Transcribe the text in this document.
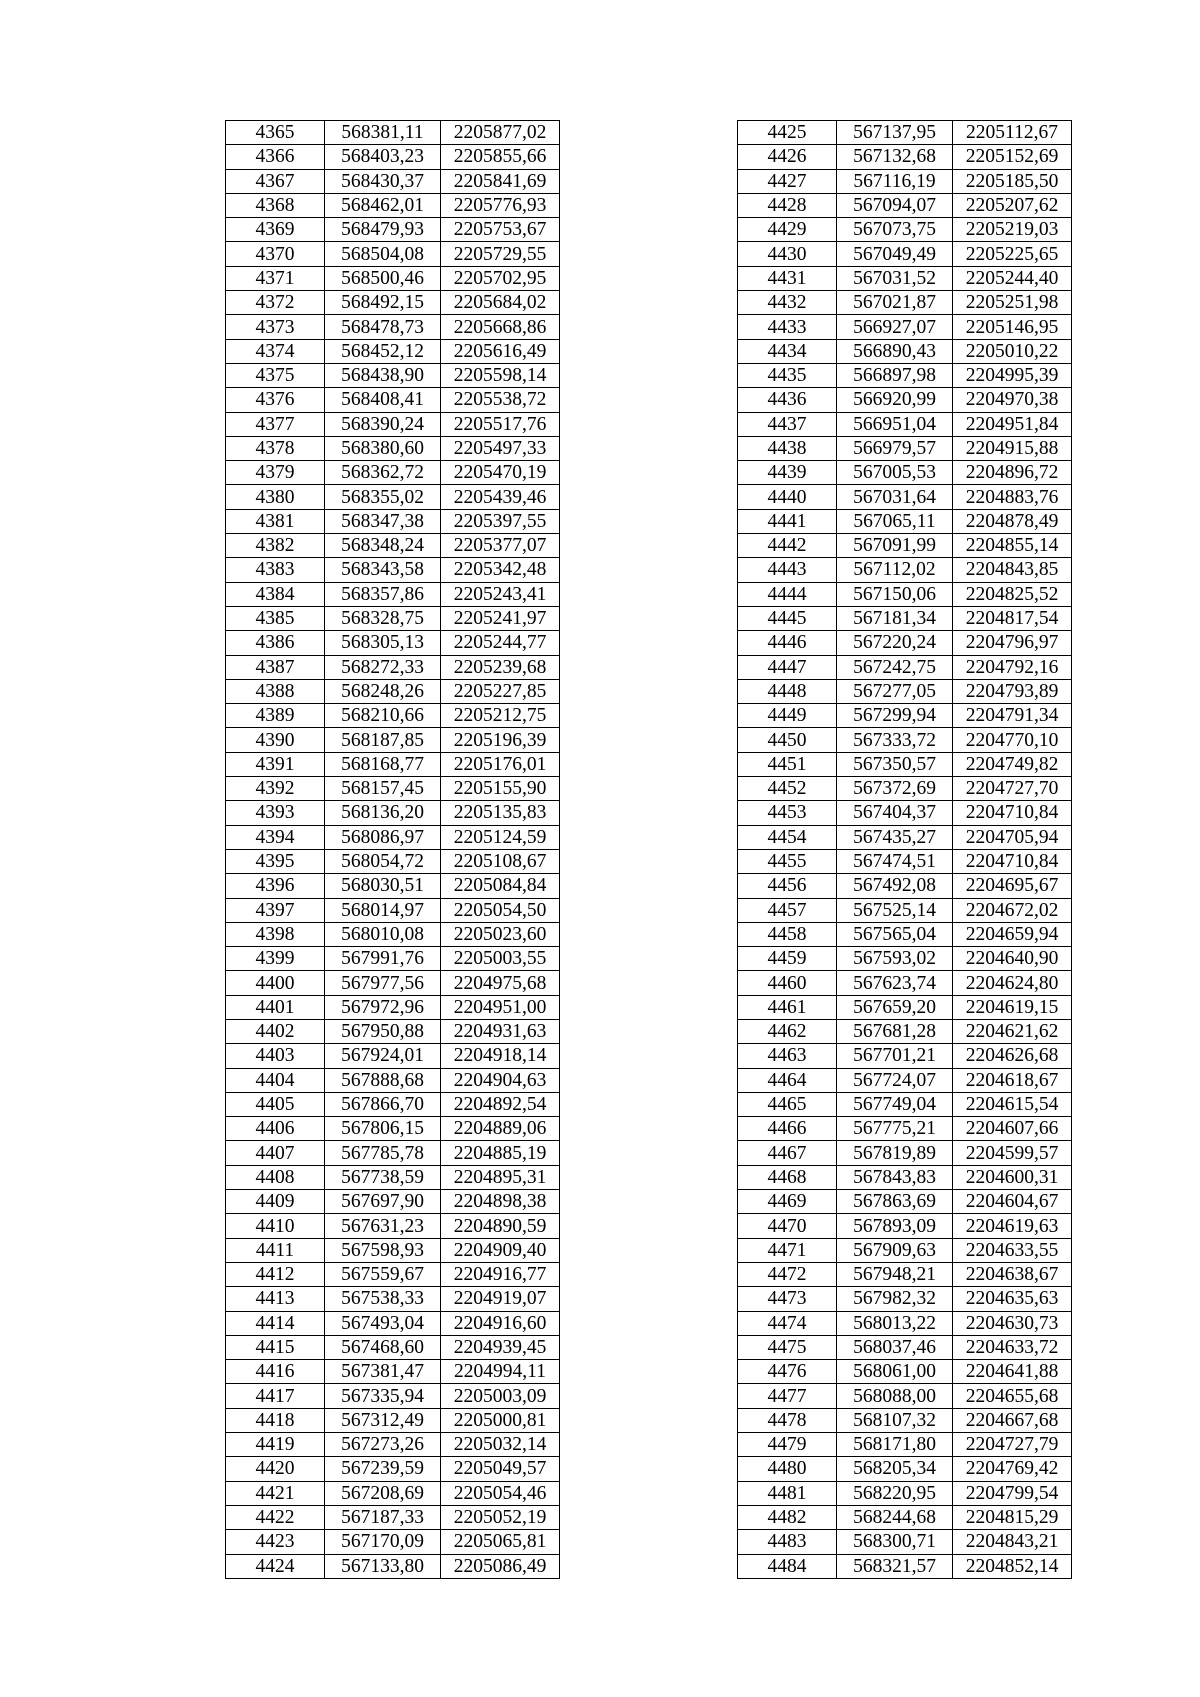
4365	568381,11	2205877,02
4366	568403,23	2205855,66
4367	568430,37	2205841,69
4368	568462,01	2205776,93
4369	568479,93	2205753,67
4370	568504,08	2205729,55
4371	568500,46	2205702,95
4372	568492,15	2205684,02
4373	568478,73	2205668,86
4374	568452,12	2205616,49
4375	568438,90	2205598,14
4376	568408,41	2205538,72
4377	568390,24	2205517,76
4378	568380,60	2205497,33
4379	568362,72	2205470,19
4380	568355,02	2205439,46
4381	568347,38	2205397,55
4382	568348,24	2205377,07
4383	568343,58	2205342,48
4384	568357,86	2205243,41
4385	568328,75	2205241,97
4386	568305,13	2205244,77
4387	568272,33	2205239,68
4388	568248,26	2205227,85
4389	568210,66	2205212,75
4390	568187,85	2205196,39
4391	568168,77	2205176,01
4392	568157,45	2205155,90
4393	568136,20	2205135,83
4394	568086,97	2205124,59
4395	568054,72	2205108,67
4396	568030,51	2205084,84
4397	568014,97	2205054,50
4398	568010,08	2205023,60
4399	567991,76	2205003,55
4400	567977,56	2204975,68
4401	567972,96	2204951,00
4402	567950,88	2204931,63
4403	567924,01	2204918,14
4404	567888,68	2204904,63
4405	567866,70	2204892,54
4406	567806,15	2204889,06
4407	567785,78	2204885,19
4408	567738,59	2204895,31
4409	567697,90	2204898,38
4410	567631,23	2204890,59
4411	567598,93	2204909,40
4412	567559,67	2204916,77
4413	567538,33	2204919,07
4414	567493,04	2204916,60
4415	567468,60	2204939,45
4416	567381,47	2204994,11
4417	567335,94	2205003,09
4418	567312,49	2205000,81
4419	567273,26	2205032,14
4420	567239,59	2205049,57
4421	567208,69	2205054,46
4422	567187,33	2205052,19
4423	567170,09	2205065,81
4424	567133,80	2205086,49
4425	567137,95	2205112,67
4426	567132,68	2205152,69
4427	567116,19	2205185,50
4428	567094,07	2205207,62
4429	567073,75	2205219,03
4430	567049,49	2205225,65
4431	567031,52	2205244,40
4432	567021,87	2205251,98
4433	566927,07	2205146,95
4434	566890,43	2205010,22
4435	566897,98	2204995,39
4436	566920,99	2204970,38
4437	566951,04	2204951,84
4438	566979,57	2204915,88
4439	567005,53	2204896,72
4440	567031,64	2204883,76
4441	567065,11	2204878,49
4442	567091,99	2204855,14
4443	567112,02	2204843,85
4444	567150,06	2204825,52
4445	567181,34	2204817,54
4446	567220,24	2204796,97
4447	567242,75	2204792,16
4448	567277,05	2204793,89
4449	567299,94	2204791,34
4450	567333,72	2204770,10
4451	567350,57	2204749,82
4452	567372,69	2204727,70
4453	567404,37	2204710,84
4454	567435,27	2204705,94
4455	567474,51	2204710,84
4456	567492,08	2204695,67
4457	567525,14	2204672,02
4458	567565,04	2204659,94
4459	567593,02	2204640,90
4460	567623,74	2204624,80
4461	567659,20	2204619,15
4462	567681,28	2204621,62
4463	567701,21	2204626,68
4464	567724,07	2204618,67
4465	567749,04	2204615,54
4466	567775,21	2204607,66
4467	567819,89	2204599,57
4468	567843,83	2204600,31
4469	567863,69	2204604,67
4470	567893,09	2204619,63
4471	567909,63	2204633,55
4472	567948,21	2204638,67
4473	567982,32	2204635,63
4474	568013,22	2204630,73
4475	568037,46	2204633,72
4476	568061,00	2204641,88
4477	568088,00	2204655,68
4478	568107,32	2204667,68
4479	568171,80	2204727,79
4480	568205,34	2204769,42
4481	568220,95	2204799,54
4482	568244,68	2204815,29
4483	568300,71	2204843,21
4484	568321,57	2204852,14
